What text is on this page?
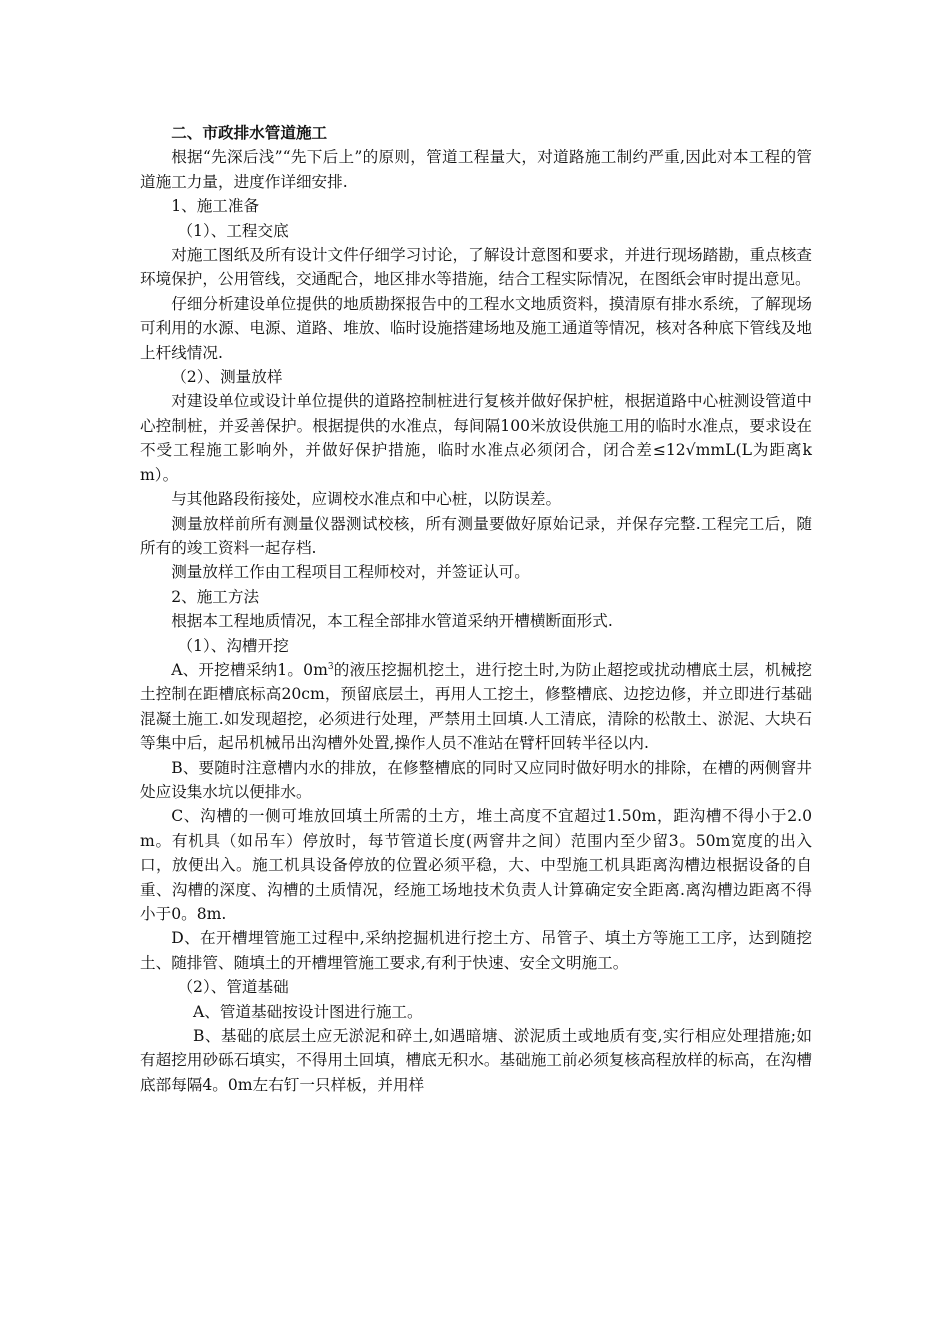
二、市政排水管道施工

根据“先深后浅”“先下后上”的原则，管道工程量大，对道路施工制约严重,因此对本工程的管道施工力量，进度作详细安排.

1、施工准备

（1）、工程交底

对施工图纸及所有设计文件仔细学习讨论，了解设计意图和要求，并进行现场踏勘，重点核查环境保护，公用管线，交通配合，地区排水等措施，结合工程实际情况，在图纸会审时提出意见。

仔细分析建设单位提供的地质勘探报告中的工程水文地质资料，摸清原有排水系统，了解现场可利用的水源、电源、道路、堆放、临时设施搭建场地及施工通道等情况，核对各种底下管线及地上杆线情况.

（2）、测量放样

对建设单位或设计单位提供的道路控制桩进行复核并做好保护桩，根据道路中心桩测设管道中心控制桩，并妥善保护。根据提供的水准点，每间隔100米放设供施工用的临时水准点，要求设在不受工程施工影响外，并做好保护措施，临时水准点必须闭合，闭合差≤12√mmL(L为距离km）。

与其他路段衔接处，应调校水准点和中心桩，以防误差。

测量放样前所有测量仪器测试校核，所有测量要做好原始记录，并保存完整.工程完工后，随所有的竣工资料一起存档.

测量放样工作由工程项目工程师校对，并签证认可。

2、施工方法

根据本工程地质情况，本工程全部排水管道采纳开槽横断面形式.

（1）、沟槽开挖

A、开挖槽采纳1。$0m^3$的液压挖掘机挖土，进行挖土时,为防止超挖或扰动槽底土层，机械挖土控制在距槽底标高20cm，预留底层土，再用人工挖土，修整槽底、边挖边修，并立即进行基础混凝土施工.如发现超挖，必须进行处理，严禁用土回填.人工清底，清除的松散土、淤泥、大块石等集中后，起吊机械吊出沟槽外处置,操作人员不准站在臂杆回转半径以内.

B、要随时注意槽内水的排放，在修整槽底的同时又应同时做好明水的排除，在槽的两侧窨井处应设集水坑以便排水。

C、沟槽的一侧可堆放回填土所需的土方，堆土高度不宜超过1.50m，距沟槽不得小于2.0m。有机具（如吊车）停放时，每节管道长度(两窨井之间）范围内至少留3。50m宽度的出入口，放便出入。施工机具设备停放的位置必须平稳，大、中型施工机具距离沟槽边根据设备的自重、沟槽的深度、沟槽的土质情况，经施工场地技术负责人计算确定安全距离.离沟槽边距离不得小于0。8m.

D、在开槽埋管施工过程中,采纳挖掘机进行挖土方、吊管子、填土方等施工工序，达到随挖土、随排管、随填土的开槽埋管施工要求,有利于快速、安全文明施工。

（2）、管道基础

A、管道基础按设计图进行施工。

B、基础的底层土应无淤泥和碎土,如遇暗塘、淤泥质土或地质有变,实行相应处理措施;如有超挖用砂砾石填实，不得用土回填，槽底无积水。基础施工前必须复核高程放样的标高，在沟槽底部每隔4。0m左右钉一只样板，并用样
